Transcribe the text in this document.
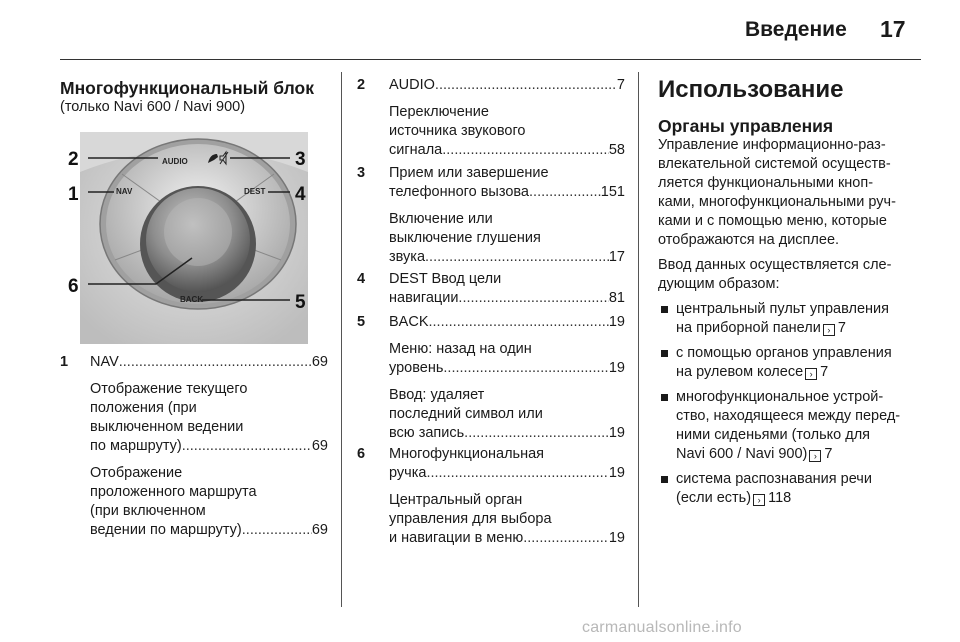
Введение 17
Многофункциональный блок
(только Navi 600 / Navi 900)
AUDIO
NAV	DEST
BACK
2
1
3
4
6
5
1 NAV .....	69
Отображение текущего
положения (при
выключенном ведении
по маршруту) .....	69
Отображение
проложенного маршрута
(при включенном
ведении по маршруту) .....	69
2 AUDIO .....	7
Переключение
источника звукового
сигнала .....	58
3 Прием или завершение
телефонного вызова .....	151
Включение или
выключение глушения
звука .....	17
4 DEST Ввод цели
навигации .....	81
5 BACK .....	19
Меню: назад на один
уровень .....	19
Ввод: удаляет
последний символ или
всю запись .....	19
6 Многофункциональная
ручка .....	19
Центральный орган
управления для выбора
и навигации в меню .....	19
Использование
Органы управления
Управление информационно-раз-
влекательной системой осуществ-
ляется функциональными кноп-
ками, многофункциональными руч-
ками и с помощью меню, которые
отображаются на дисплее.
Ввод данных осуществляется сле-
дующим образом:
центральный пульт управления
на приборной панели › 7
с помощью органов управления
на рулевом колесе › 7
многофункциональное устрой-
ство, находящееся между перед-
ними сиденьями (только для
Navi 600 / Navi 900) › 7
система распознавания речи
(если есть) › 118
carmanualsonline.info
